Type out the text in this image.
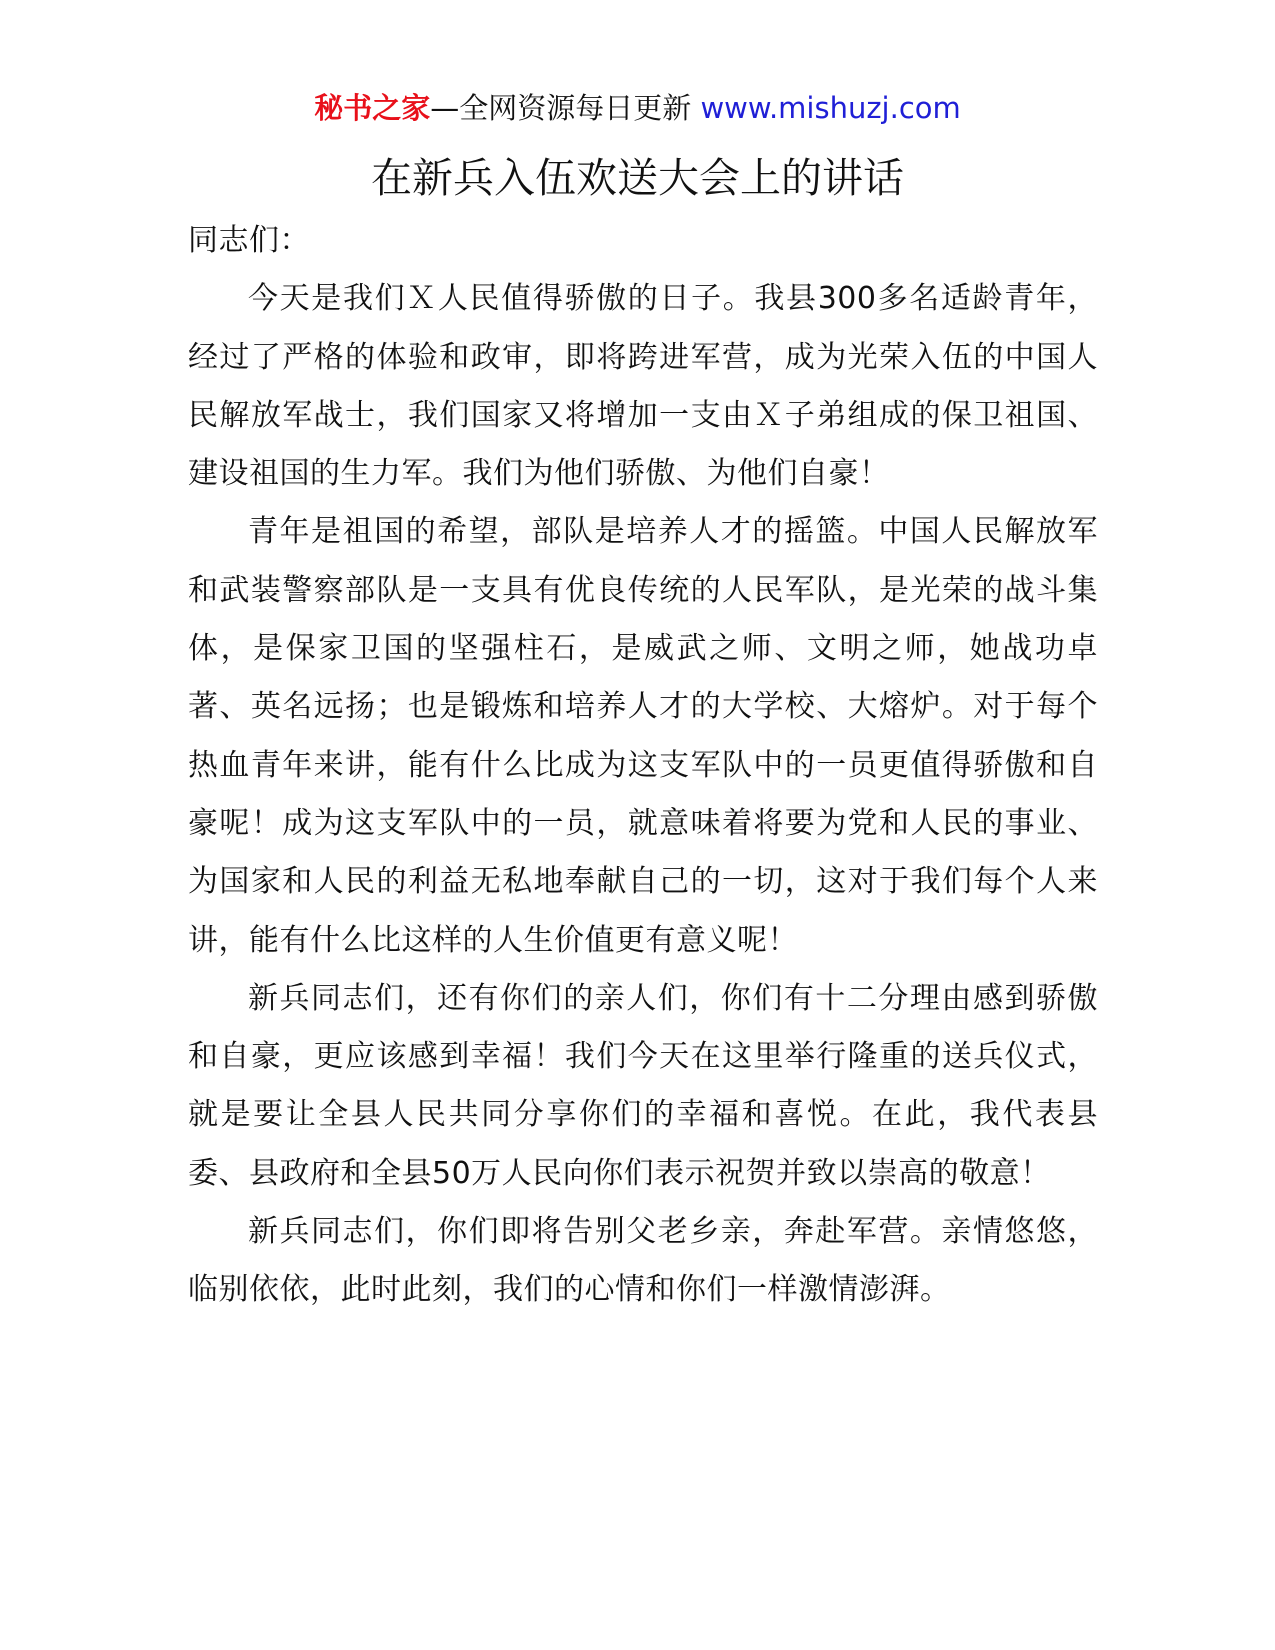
秘书之家—全网资源每日更新 www.mishuzj.com
在新兵入伍欢送大会上的讲话

同志们：

今天是我们Ｘ人民值得骄傲的日子。我县300多名适龄青年，经过了严格的体验和政审，即将跨进军营，成为光荣入伍的中国人民解放军战士，我们国家又将增加一支由Ｘ子弟组成的保卫祖国、建设祖国的生力军。我们为他们骄傲、为他们自豪！

青年是祖国的希望，部队是培养人才的摇篮。中国人民解放军和武装警察部队是一支具有优良传统的人民军队，是光荣的战斗集体，是保家卫国的坚强柱石，是威武之师、文明之师，她战功卓著、英名远扬；也是锻炼和培养人才的大学校、大熔炉。对于每个热血青年来讲，能有什么比成为这支军队中的一员更值得骄傲和自豪呢！成为这支军队中的一员，就意味着将要为党和人民的事业、为国家和人民的利益无私地奉献自己的一切，这对于我们每个人来讲，能有什么比这样的人生价值更有意义呢！

新兵同志们，还有你们的亲人们，你们有十二分理由感到骄傲和自豪，更应该感到幸福！我们今天在这里举行隆重的送兵仪式，就是要让全县人民共同分享你们的幸福和喜悦。在此，我代表县委、县政府和全县50万人民向你们表示祝贺并致以崇高的敬意！

新兵同志们，你们即将告别父老乡亲，奔赴军营。亲情悠悠，临别依依，此时此刻，我们的心情和你们一样激情澎湃。
